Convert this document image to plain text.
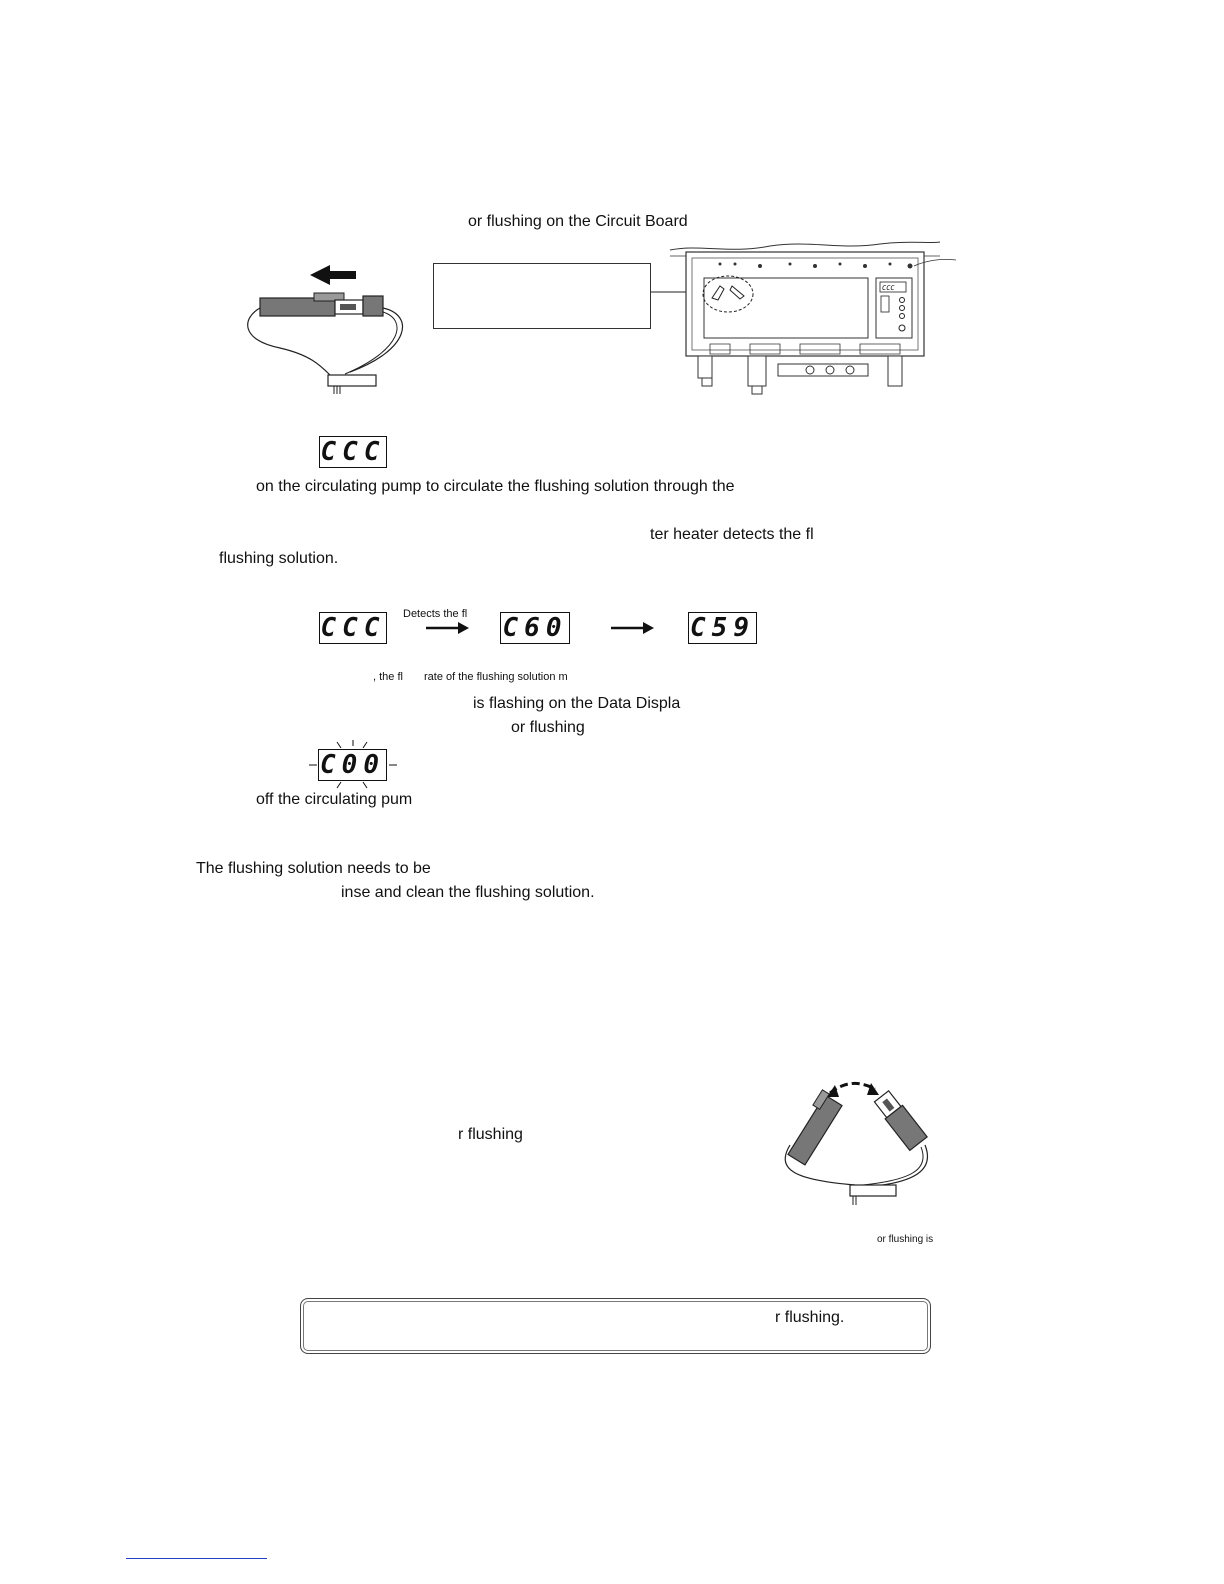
or flushing on the Circuit Board
CCC
CCC
on the circulating pump to circulate the flushing solution through the
ter heater detects the fl
flushing solution.
CCC Detects the fl C60	C59
, the fl rate of the flushing solution m
is flashing on the Data Displa
or flushing
C00
off the circulating pum
The flushing solution needs to be
inse and clean the flushing solution.
r flushing
or flushing is
r flushing.
